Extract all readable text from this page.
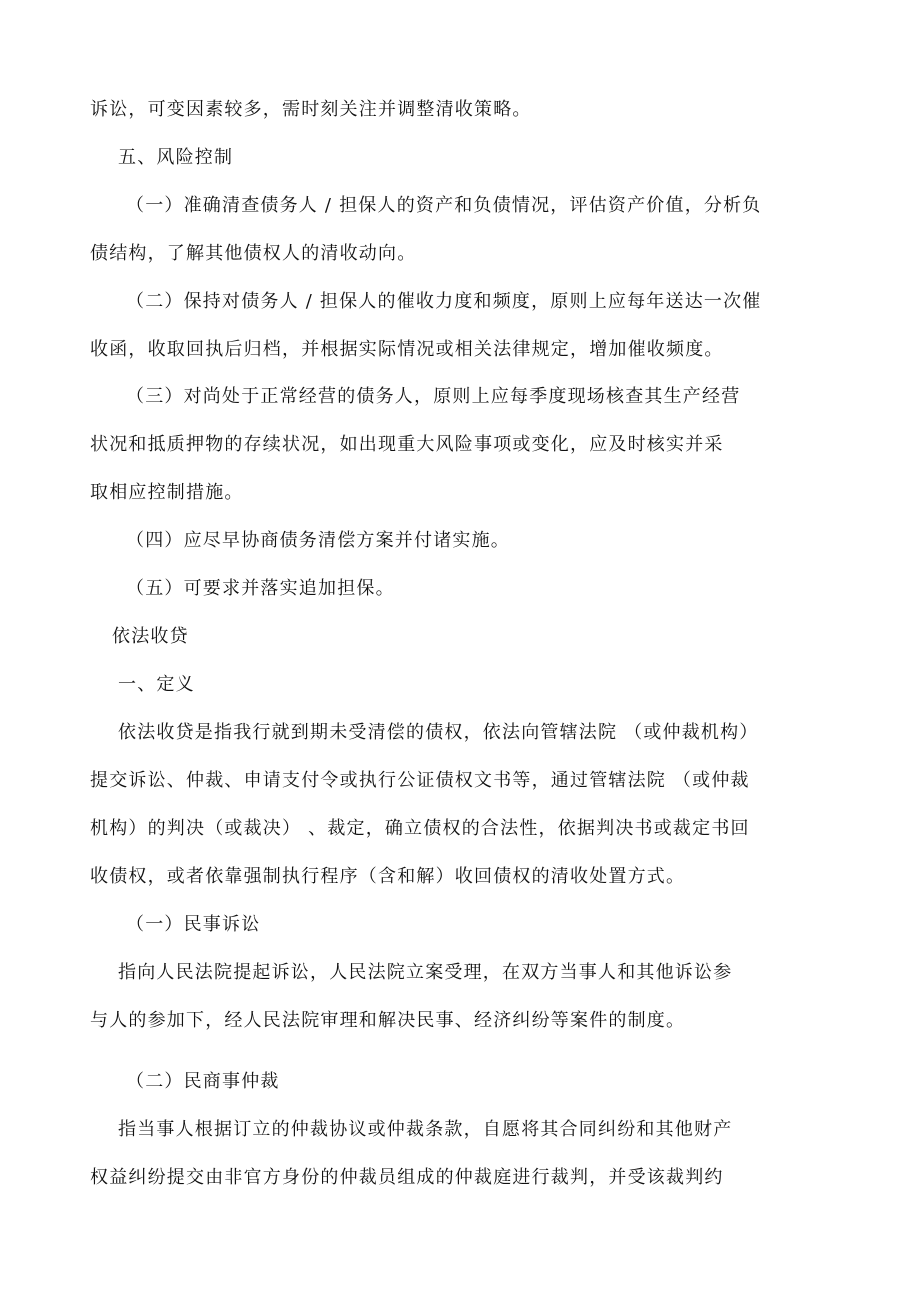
诉讼，可变因素较多，需时刻关注并调整清收策略。
五、风险控制
（一）准确清查债务人 / 担保人的资产和负债情况，评估资产价值，分析负
债结构，了解其他债权人的清收动向。
（二）保持对债务人 / 担保人的催收力度和频度，原则上应每年送达一次催
收函，收取回执后归档，并根据实际情况或相关法律规定，增加催收频度。
（三）对尚处于正常经营的债务人，原则上应每季度现场核查其生产经营
状况和抵质押物的存续状况，如出现重大风险事项或变化，应及时核实并采
取相应控制措施。
（四）应尽早协商债务清偿方案并付诸实施。
（五）可要求并落实追加担保。
依法收贷
一、定义
依法收贷是指我行就到期未受清偿的债权，依法向管辖法院 （或仲裁机构）
提交诉讼、仲裁、申请支付令或执行公证债权文书等，通过管辖法院 （或仲裁
机构）的判决（或裁决） 、裁定，确立债权的合法性，依据判决书或裁定书回
收债权，或者依靠强制执行程序（含和解）收回债权的清收处置方式。
（一）民事诉讼
指向人民法院提起诉讼，人民法院立案受理，在双方当事人和其他诉讼参
与人的参加下，经人民法院审理和解决民事、经济纠纷等案件的制度。
（二）民商事仲裁
指当事人根据订立的仲裁协议或仲裁条款，自愿将其合同纠纷和其他财产
权益纠纷提交由非官方身份的仲裁员组成的仲裁庭进行裁判，并受该裁判约
